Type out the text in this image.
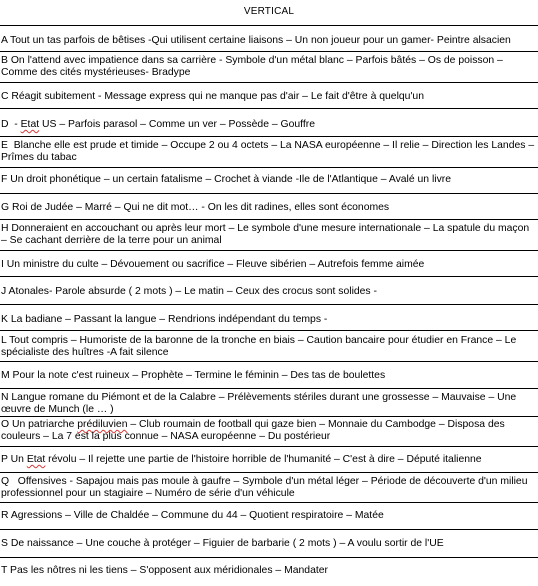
VERTICAL
A Tout un tas parfois de bêtises -Qui utilisent certaine liaisons – Un non joueur pour un gamer- Peintre alsacien
B On l'attend avec impatience dans sa carrière - Symbole d'un métal blanc – Parfois bâtés – Os de poisson – Comme des cités mystérieuses- Bradype
C Réagit subitement - Message express qui ne manque pas d'air – Le fait d'être à quelqu'un
D  - Etat US – Parfois parasol – Comme un ver – Possède – Gouffre
E  Blanche elle est prude et timide – Occupe 2 ou 4 octets – La NASA européenne – Il relie – Direction les Landes – Prîmes du tabac
F Un droit phonétique – un certain fatalisme – Crochet à viande -Ile de l'Atlantique – Avalé un livre
G Roi de Judée – Marré – Qui ne dit mot… - On les dit radines, elles sont économes
H Donneraient en accouchant ou après leur mort – Le symbole d'une mesure internationale – La spatule du maçon – Se cachant derrière de la terre pour un animal
I Un ministre du culte – Dévouement ou sacrifice – Fleuve sibérien – Autrefois femme aimée
J Atonales- Parole absurde ( 2 mots ) – Le matin – Ceux des crocus sont solides -
K La badiane – Passant la langue – Rendrions indépendant du temps -
L Tout compris – Humoriste de la baronne de la tronche en biais – Caution bancaire pour étudier en France – Le spécialiste des huîtres -A fait silence
M Pour la note c'est ruineux – Prophète – Termine le féminin – Des tas de boulettes
N Langue romane du Piémont et de la Calabre – Prélèvements stériles durant une grossesse – Mauvaise – Une œuvre de Munch (le … )
O Un patriarche prédiluvien – Club roumain de football qui gaze bien – Monnaie du Cambodge – Disposa des couleurs – La 7 est la plus connue – NASA européenne – Du postérieur
P Un Etat révolu – Il rejette une partie de l'histoire horrible de l'humanité – C'est à dire – Député italienne
Q   Offensives - Sapajou mais pas moule à gaufre – Symbole d'un métal léger – Période de découverte d'un milieu professionnel pour un stagiaire – Numéro de série d'un véhicule
R Agressions – Ville de Chaldée – Commune du 44 – Quotient respiratoire – Matée
S De naissance – Une couche à protéger – Figuier de barbarie ( 2 mots ) – A voulu sortir de l'UE
T Pas les nôtres ni les tiens – S'opposent aux méridionales – Mandater
